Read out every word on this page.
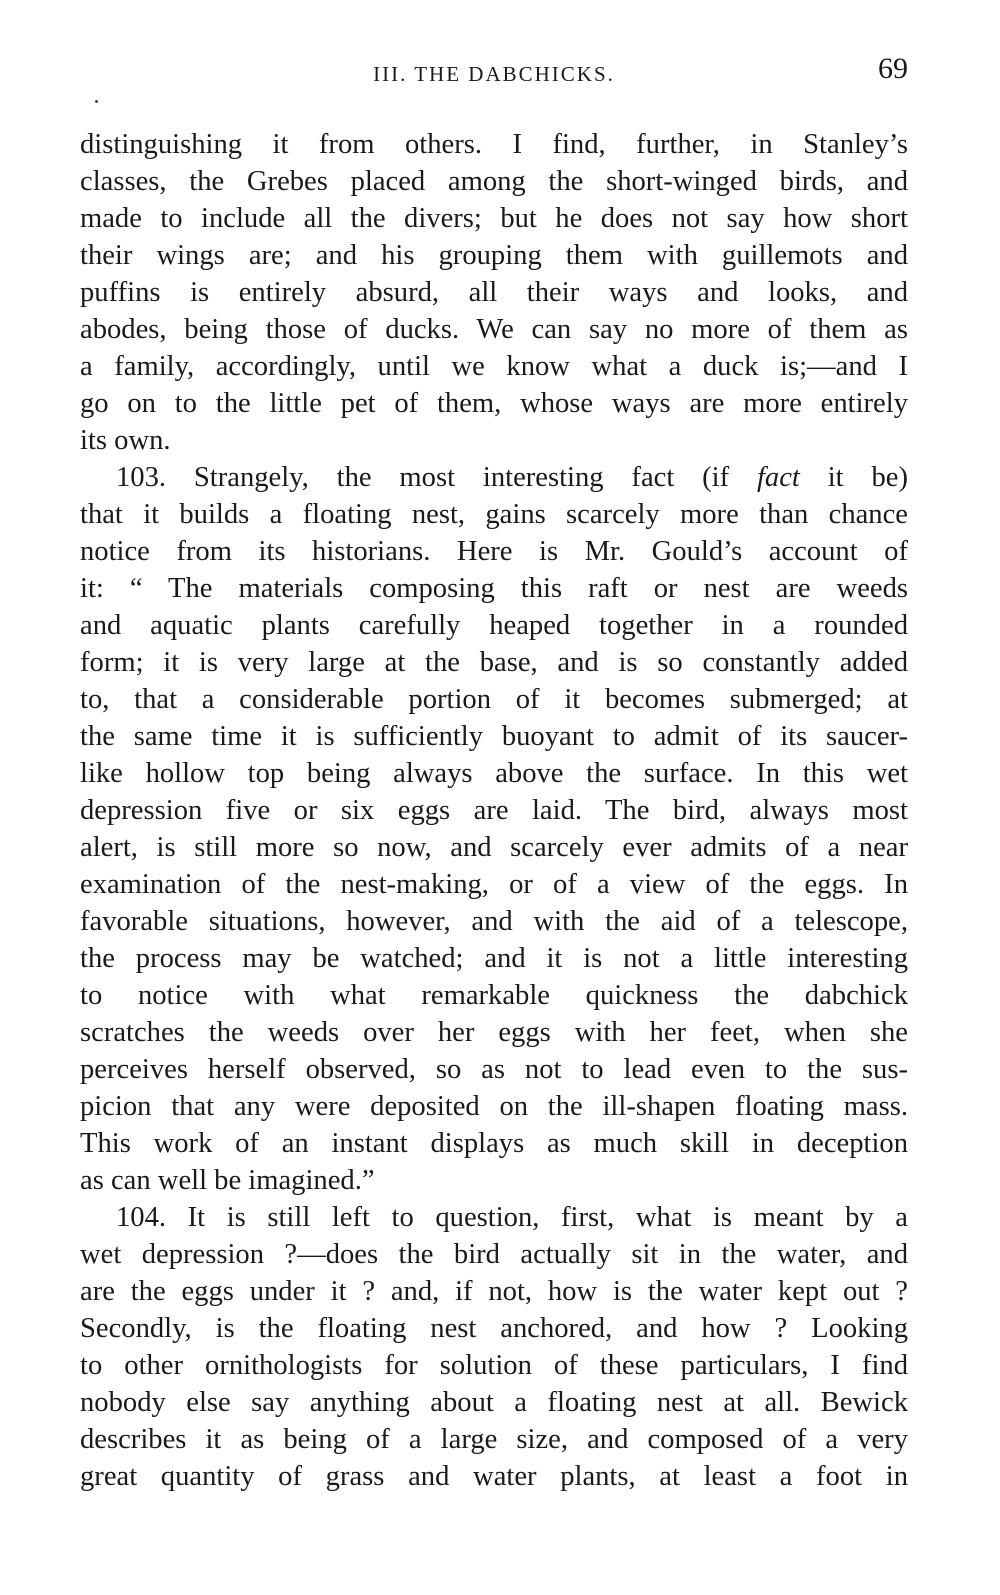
III. THE DABCHICKS.	69
distinguishing it from others. I find, further, in Stanley’s
classes, the Grebes placed among the short-winged birds, and
made to include all the divers; but he does not say how short
their wings are; and his grouping them with guillemots and
puffins is entirely absurd, all their ways and looks, and
abodes, being those of ducks. We can say no more of them as
a family, accordingly, until we know what a duck is;—and I
go on to the little pet of them, whose ways are more entirely
its own.
103. Strangely, the most interesting fact (if fact it be)
that it builds a floating nest, gains scarcely more than chance
notice from its historians. Here is Mr. Gould’s account of
it: “ The materials composing this raft or nest are weeds
and aquatic plants carefully heaped together in a rounded
form; it is very large at the base, and is so constantly added
to, that a considerable portion of it becomes submerged; at
the same time it is sufficiently buoyant to admit of its saucer-
like hollow top being always above the surface. In this wet
depression five or six eggs are laid. The bird, always most
alert, is still more so now, and scarcely ever admits of a near
examination of the nest-making, or of a view of the eggs. In
favorable situations, however, and with the aid of a telescope,
the process may be watched; and it is not a little interesting
to notice with what remarkable quickness the dabchick
scratches the weeds over her eggs with her feet, when she
perceives herself observed, so as not to lead even to the sus-
picion that any were deposited on the ill-shapen floating mass.
This work of an instant displays as much skill in deception
as can well be imagined.”
104. It is still left to question, first, what is meant by a
wet depression ?—does the bird actually sit in the water, and
are the eggs under it ? and, if not, how is the water kept out ?
Secondly, is the floating nest anchored, and how ? Looking
to other ornithologists for solution of these particulars, I find
nobody else say anything about a floating nest at all. Bewick
describes it as being of a large size, and composed of a very
great quantity of grass and water plants, at least a foot in
